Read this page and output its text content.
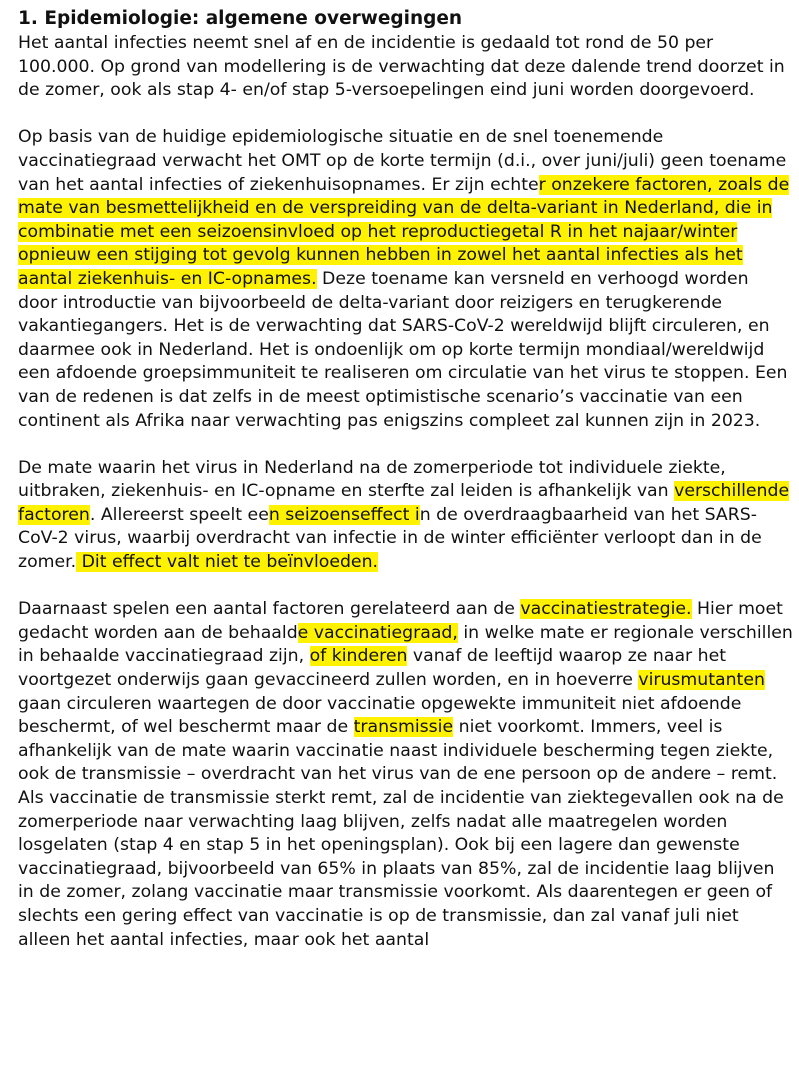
1. Epidemiologie: algemene overwegingen

Het aantal infecties neemt snel af en de incidentie is gedaald tot rond de 50 per 100.000. Op grond van modellering is de verwachting dat deze dalende trend doorzet in de zomer, ook als stap 4- en/of stap 5-versoepelingen eind juni worden doorgevoerd.

Op basis van de huidige epidemiologische situatie en de snel toenemende vaccinatiegraad verwacht het OMT op de korte termijn (d.i., over juni/juli) geen toename van het aantal infecties of ziekenhuisopnames. Er zijn echter onzekere factoren, zoals de mate van besmettelijkheid en de verspreiding van de delta-variant in Nederland, die in combinatie met een seizoensinvloed op het reproductiegetal R in het najaar/winter opnieuw een stijging tot gevolg kunnen hebben in zowel het aantal infecties als het aantal ziekenhuis- en IC-opnames. Deze toename kan versneld en verhoogd worden door introductie van bijvoorbeeld de delta-variant door reizigers en terugkerende vakantiegangers. Het is de verwachting dat SARS-CoV-2 wereldwijd blijft circuleren, en daarmee ook in Nederland. Het is ondoenlijk om op korte termijn mondiaal/wereldwijd een afdoende groepsimmuniteit te realiseren om circulatie van het virus te stoppen. Een van de redenen is dat zelfs in de meest optimistische scenario’s vaccinatie van een continent als Afrika naar verwachting pas enigszins compleet zal kunnen zijn in 2023.

De mate waarin het virus in Nederland na de zomerperiode tot individuele ziekte, uitbraken, ziekenhuis- en IC-opname en sterfte zal leiden is afhankelijk van verschillende factoren. Allereerst speelt een seizoenseffect in de overdraagbaarheid van het SARS-CoV-2 virus, waarbij overdracht van infectie in de winter efficiënter verloopt dan in de zomer. Dit effect valt niet te beïnvloeden.

Daarnaast spelen een aantal factoren gerelateerd aan de vaccinatiestrategie. Hier moet gedacht worden aan de behaalde vaccinatiegraad, in welke mate er regionale verschillen in behaalde vaccinatiegraad zijn, of kinderen vanaf de leeftijd waarop ze naar het voortgezet onderwijs gaan gevaccineerd zullen worden, en in hoeverre virusmutanten gaan circuleren waartegen de door vaccinatie opgewekte immuniteit niet afdoende beschermt, of wel beschermt maar de transmissie niet voorkomt. Immers, veel is afhankelijk van de mate waarin vaccinatie naast individuele bescherming tegen ziekte, ook de transmissie – overdracht van het virus van de ene persoon op de andere – remt. Als vaccinatie de transmissie sterkt remt, zal de incidentie van ziektegevallen ook na de zomerperiode naar verwachting laag blijven, zelfs nadat alle maatregelen worden losgelaten (stap 4 en stap 5 in het openingsplan). Ook bij een lagere dan gewenste vaccinatiegraad, bijvoorbeeld van 65% in plaats van 85%, zal de incidentie laag blijven in de zomer, zolang vaccinatie maar transmissie voorkomt. Als daarentegen er geen of slechts een gering effect van vaccinatie is op de transmissie, dan zal vanaf juli niet alleen het aantal infecties, maar ook het aantal
